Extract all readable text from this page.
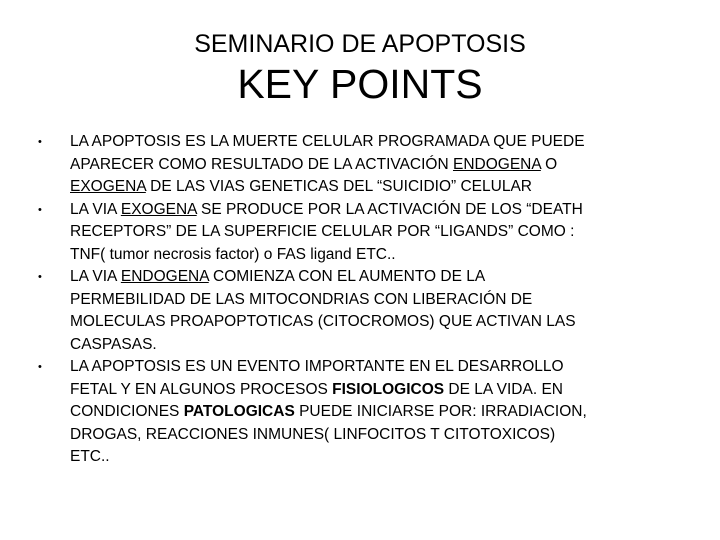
SEMINARIO DE APOPTOSIS
KEY POINTS
• LA APOPTOSIS ES LA MUERTE CELULAR PROGRAMADA QUE PUEDE
APARECER COMO RESULTADO DE LA ACTIVACIÓN ENDOGENA O
EXOGENA DE LAS VIAS GENETICAS DEL “SUICIDIO” CELULAR
• LA VIA EXOGENA SE PRODUCE POR LA ACTIVACIÓN DE LOS “DEATH
RECEPTORS” DE LA SUPERFICIE CELULAR POR “LIGANDS” COMO :
TNF( tumor necrosis factor) o FAS ligand ETC..
• LA VIA ENDOGENA COMIENZA CON EL AUMENTO DE LA
PERMEBILIDAD DE LAS MITOCONDRIAS CON LIBERACIÓN DE
MOLECULAS PROAPOPTOTICAS (CITOCROMOS) QUE ACTIVAN LAS
CASPASAS.
• LA APOPTOSIS ES UN EVENTO IMPORTANTE EN EL DESARROLLO
FETAL Y EN ALGUNOS PROCESOS FISIOLOGICOS DE LA VIDA. EN
CONDICIONES PATOLOGICAS PUEDE INICIARSE POR: IRRADIACION,
DROGAS, REACCIONES INMUNES( LINFOCITOS T CITOTOXICOS)
ETC..
